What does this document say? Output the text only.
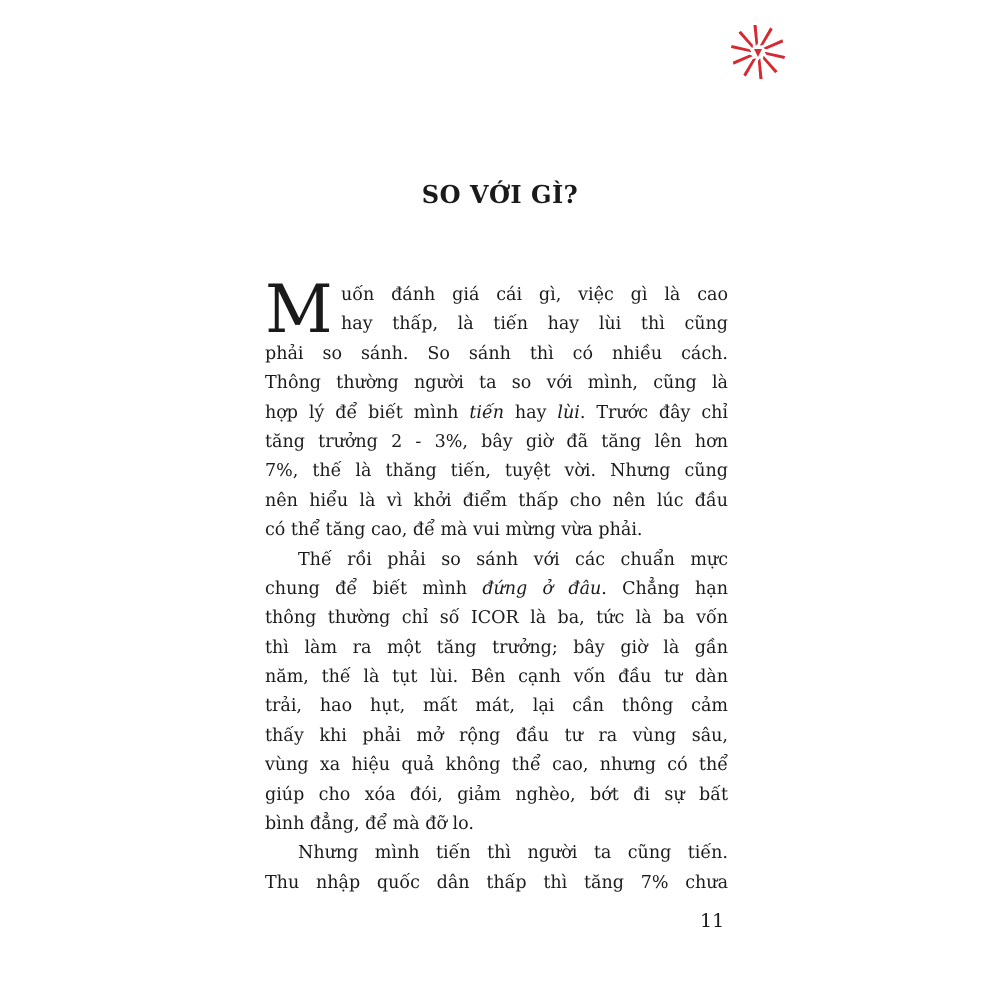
SO VỚI GÌ?
M uốn đánh giá cái gì, việc gì là cao
hay thấp, là tiến hay lùi thì cũng
phải so sánh. So sánh thì có nhiều cách.
Thông thường người ta so với mình, cũng là
hợp lý để biết mình tiến hay lùi. Trước đây chỉ
tăng trưởng 2 - 3%, bây giờ đã tăng lên hơn
7%, thế là thăng tiến, tuyệt vời. Nhưng cũng
nên hiểu là vì khởi điểm thấp cho nên lúc đầu
có thể tăng cao, để mà vui mừng vừa phải.

Thế rồi phải so sánh với các chuẩn mực
chung để biết mình đứng ở đâu. Chẳng hạn
thông thường chỉ số ICOR là ba, tức là ba vốn
thì làm ra một tăng trưởng; bây giờ là gần
năm, thế là tụt lùi. Bên cạnh vốn đầu tư dàn
trải, hao hụt, mất mát, lại cần thông cảm
thấy khi phải mở rộng đầu tư ra vùng sâu,
vùng xa hiệu quả không thể cao, nhưng có thể
giúp cho xóa đói, giảm nghèo, bớt đi sự bất
bình đẳng, để mà đỡ lo.

Nhưng mình tiến thì người ta cũng tiến.
Thu nhập quốc dân thấp thì tăng 7% chưa

11
